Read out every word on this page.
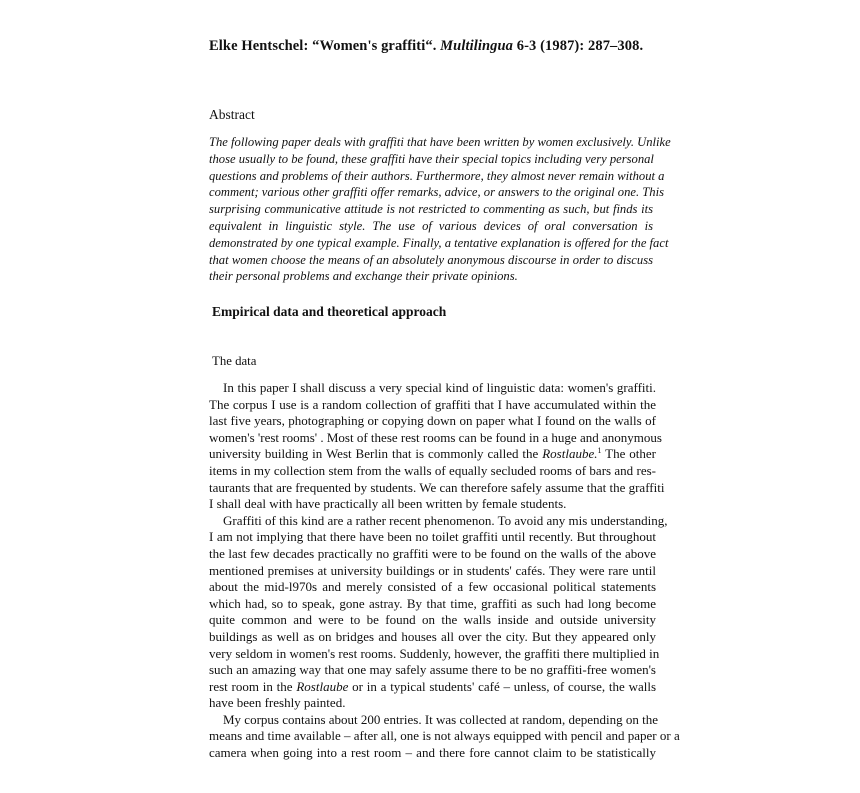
Elke Hentschel: “Women's graffiti“. Multilingua 6-3 (1987): 287–308.
Abstract
The following paper deals with graffiti that have been written by women exclusively. Unlike
those usually to be found, these graffiti have their special topics including very personal
questions and problems of their authors. Furthermore, they almost never remain without a
comment; various other graffiti offer remarks, advice, or answers to the original one. This
surprising communicative attitude is not restricted to commenting as such, but finds its
equivalent in linguistic style. The use of various devices of oral conversation is
demonstrated by one typical example. Finally, a tentative explanation is offered for the fact
that women choose the means of an absolutely anonymous discourse in order to discuss
their personal problems and exchange their private opinions.
Empirical data and theoretical approach
The data
In this paper I shall discuss a very special kind of linguistic data: women's graffiti.
The corpus I use is a random collection of graffiti that I have accumulated within the
last five years, photographing or copying down on paper what I found on the walls of
women's 'rest rooms' . Most of these rest rooms can be found in a huge and anonymous
university building in West Berlin that is commonly called the Rostlaube.$^1$ The other
items in my collection stem from the walls of equally secluded rooms of bars and res-
taurants that are frequented by students. We can therefore safely assume that the graffiti
I shall deal with have practically all been written by female students.
Graffiti of this kind are a rather recent phenomenon. To avoid any mis understanding,
I am not implying that there have been no toilet graffiti until recently. But throughout
the last few decades practically no graffiti were to be found on the walls of the above
mentioned premises at university buildings or in students' cafés. They were rare until
about the mid-l970s and merely consisted of a few occasional political statements
which had, so to speak, gone astray. By that time, graffiti as such had long become
quite common and were to be found on the walls inside and outside university
buildings as well as on bridges and houses all over the city. But they appeared only
very seldom in women's rest rooms. Suddenly, however, the graffiti there multiplied in
such an amazing way that one may safely assume there to be no graffiti-free women's
rest room in the Rostlaube or in a typical students' café – unless, of course, the walls
have been freshly painted.
My corpus contains about 200 entries. It was collected at random, depending on the
means and time available – after all, one is not always equipped with pencil and paper or a
camera when going into a rest room – and there fore cannot claim to be statistically
